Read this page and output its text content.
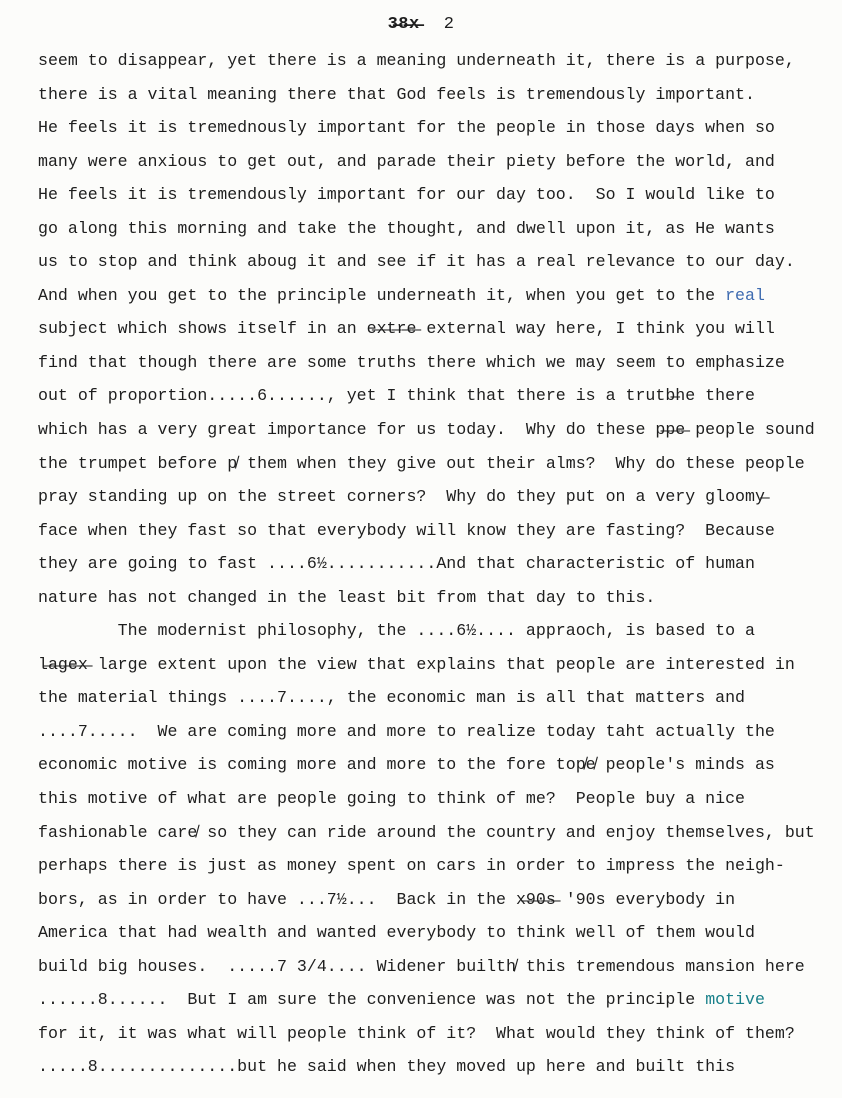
3̶8̶x̶ 2
seem to disappear, yet there is a meaning underneath it, there is a purpose,
there is a vital meaning there that God feels is tremendously important.
He feels it is tremednously important for the people in those days when so
many were anxious to get out, and parade their piety before the world, and
He feels it is tremendously important for our day too.  So I would like to
go along this morning and take the thought, and dwell upon it, as He wants
us to stop and think aboug it and see if it has a real relevance to our day.
And when you get to the principle underneath it, when you get to the real
subject which shows itself in an e̶x̶t̶r̶e̶ external way here, I think you will
find that though there are some truths there which we may seem to emphasize
out of proportion.....6......, yet I think that there is a trutb̶he there
which has a very great importance for us today.  Why do these p̶p̶e̶ people sound
the trumpet before p̸ them when they give out their alms?  Why do these people
pray standing up on the street corners?  Why do they put on a very gloomy̶
face when they fast so that everybody will know they are fasting?  Because
they are going to fast ....6½...........And that characteristic of human
nature has not changed in the least bit from that day to this.
The modernist philosophy, the ....6½.... appraoch, is based to a
l̶a̶g̶e̶x̶ large extent upon the view that explains that people are interested in
the material things ....7...., the economic man is all that matters and
....7.....  We are coming more and more to realize today taht actually the
economic motive is coming more and more to the fore top̸e̸ people's minds as
this motive of what are people going to think of me?  People buy a nice
fashionable care̸ so they can ride around the country and enjoy themselves, but
perhaps there is just as money spent on cars in order to impress the neigh-
bors, as in order to have ...7½...  Back in the x̶9̶0̶s̶ '90s everybody in
America that had wealth and wanted everybody to think well of them would
build big houses.  .....7 3/4.... Widener builth̸ this tremendous mansion here
......8......  But I am sure the convenience was not the principle motive
for it, it was what will people think of it?  What would they think of them?
.....8..............but he said when they moved up here and built this
